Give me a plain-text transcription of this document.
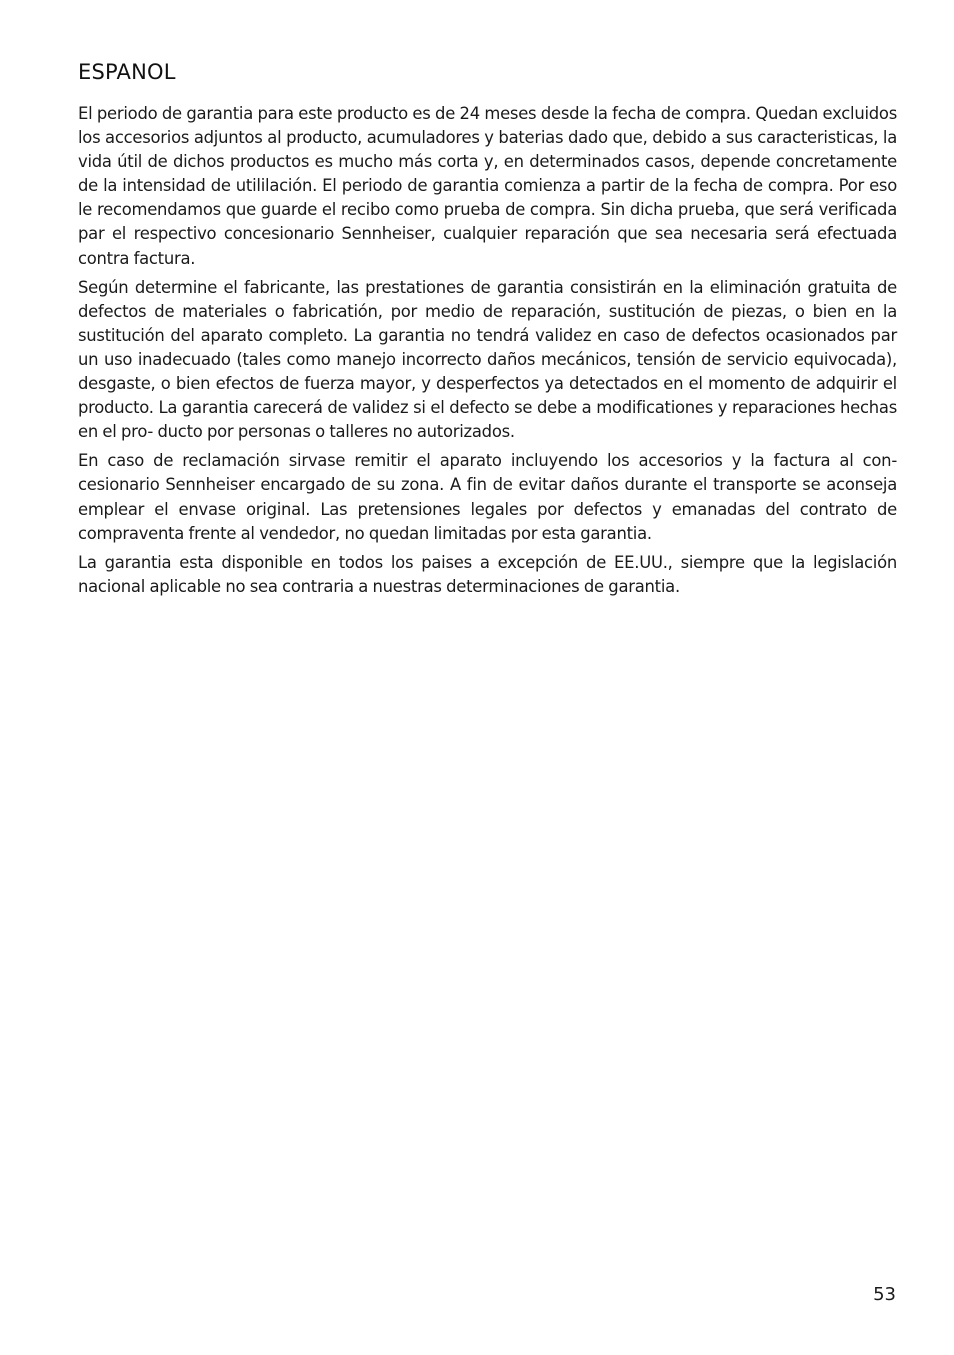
ESPANOL

El periodo de garantia para este producto es de 24 meses desde la fecha de compra. Quedan excluidos los accesorios adjuntos al producto, acumuladores y baterias dado que, debido a sus caracteristicas, la vida útil de dichos productos es mucho más corta y, en determinados casos, depende concretamente de la intensidad de utililación. El periodo de garantia comienza a partir de la fecha de compra. Por eso le recomendamos que guarde el recibo como prueba de compra. Sin dicha prueba, que será verificada par el respectivo concesionario Sennheiser, cualquier reparación que sea necesaria será efectuada contra factura.

Según determine el fabricante, las prestationes de garantia consistirán en la eliminación gratuita de defectos de materiales o fabricatión, por medio de reparación, sustitución de piezas, o bien en la sustitución del aparato completo. La garantia no tendrá validez en caso de defectos ocasionados par un uso inadecuado (tales como manejo incorrecto daños mecánicos, tensión de servicio equivocada), desgaste, o bien efectos de fuerza mayor, y desperfectos ya detectados en el momento de adquirir el producto. La garantia carecerá de validez si el defecto se debe a modificationes y reparaciones hechas en el pro- ducto por personas o talleres no autorizados.

En caso de reclamación sirvase remitir el aparato incluyendo los accesorios y la factura al con-cesionario Sennheiser encargado de su zona. A fin de evitar daños durante el transporte se aconseja emplear el envase original. Las pretensiones legales por defectos y emanadas del contrato de compraventa frente al vendedor, no quedan limitadas por esta garantia.

La garantia esta disponible en todos los paises a excepción de EE.UU., siempre que la legislación nacional aplicable no sea contraria a nuestras determinaciones de garantia.

53
